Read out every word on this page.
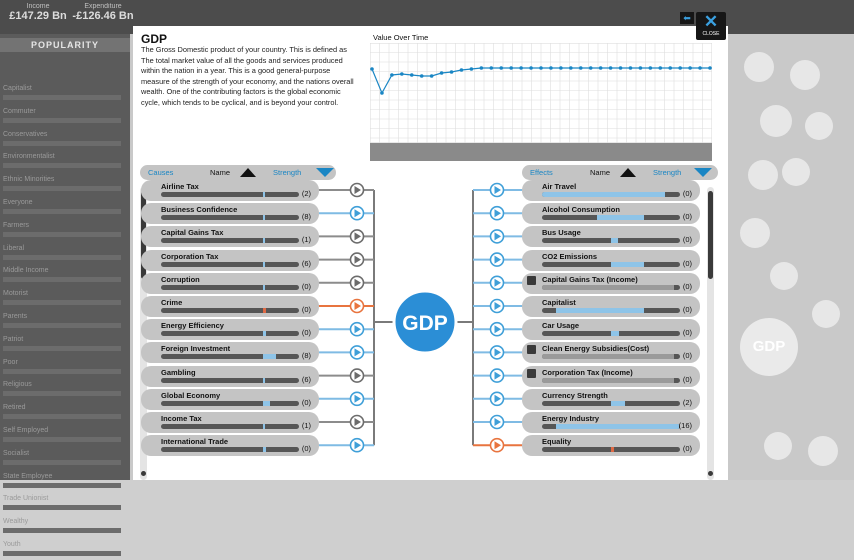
Income
£147.29 Bn
Expenditure
-£126.46 Bn
POPULARITY
Capitalist
Commuter
Conservatives
Environmentalist
Ethnic Minorities
Everyone
Farmers
Liberal
Middle Income
Motorist
Parents
Patriot
Poor
Religious
Retired
Self Employed
Socialist
State Employee
Trade Unionist
Wealthy
Youth
GDP
GDP
The Gross Domestic product of your country. This is defined as The total market value of all the goods and services produced within the nation in a year. This is a good general-purpose measure of the strength of your economy, and the nations overall wealth. One of the contributing factors is the global economic cycle, which tends to be cyclical, and is beyond your control.
Value Over Time
Causes	Name	Strength	Effects	Name	Strength
GDP
Airline Tax
(2)
Business Confidence
(8)
Capital Gains Tax
(1)
Corporation Tax
(6)
Corruption
(0)
Crime
(0)
Energy Efficiency
(0)
Foreign Investment
(8)
Gambling
(6)
Global Economy
(0)
Income Tax
(1)
International Trade
(0)
Air Travel
(0)
Alcohol Consumption
(0)
Bus Usage
(0)
CO2 Emissions
(0)
Capital Gains Tax (Income)
(0)
Capitalist
(0)
Car Usage
(0)
Clean Energy Subsidies(Cost)
(0)
Corporation Tax (Income)
(0)
Currency Strength
(2)
Energy Industry
(16)
Equality
(0)
⬅ ✕
CLOSE
